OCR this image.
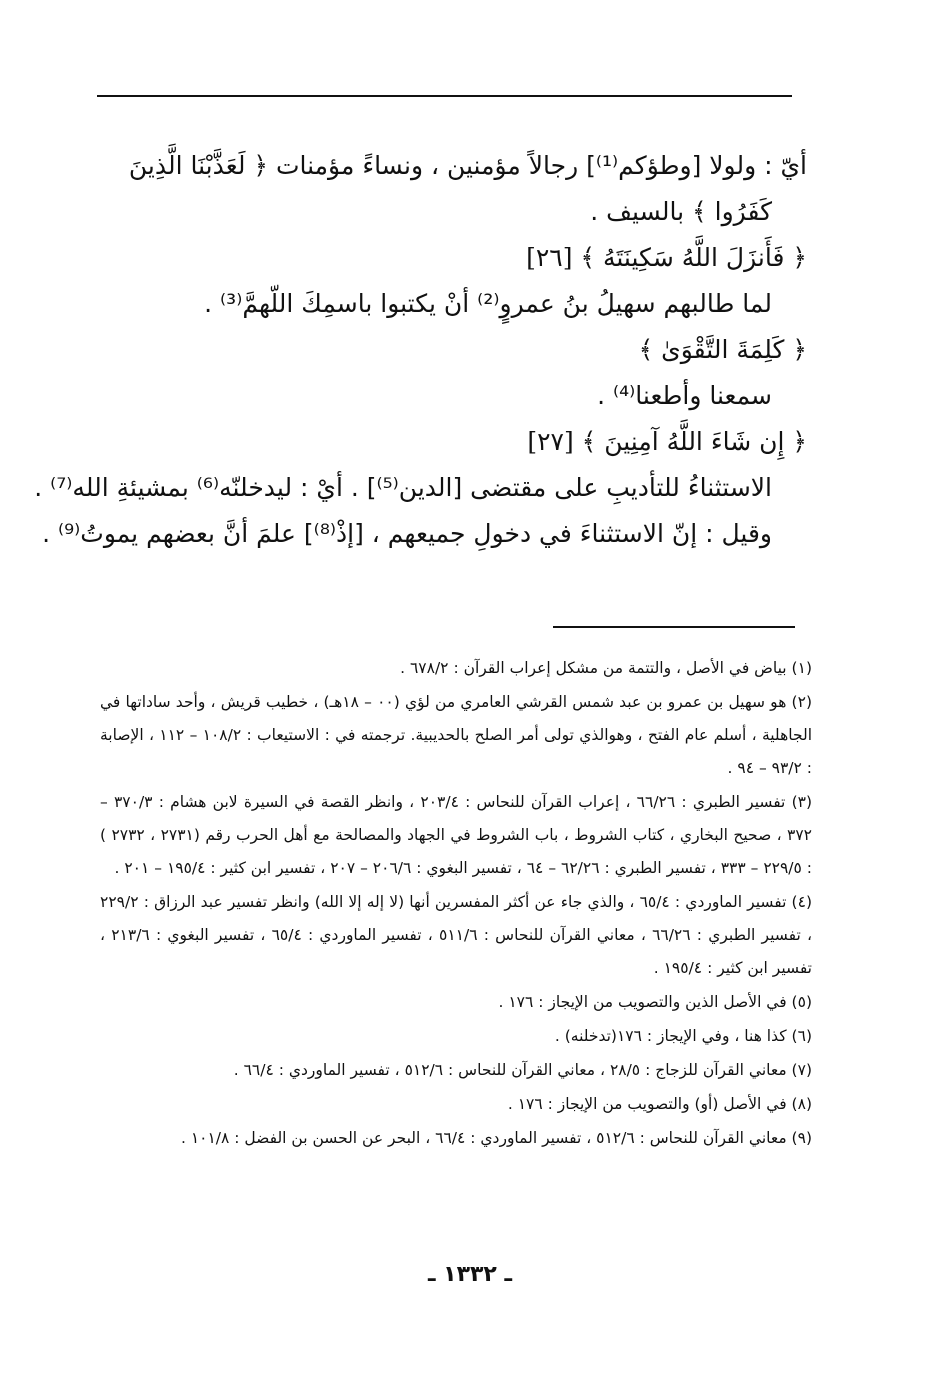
أيّ : ولولا [وطؤكم⁽¹⁾] رجالاً مؤمنين ، ونساءً مؤمنات ﴿ لَعَذَّبْنَا الَّذِينَ
كَفَرُوا ﴾ بالسيف .
﴿ فَأَنزَلَ اللَّهُ سَكِينَتَهُ ﴾ [٢٦]
لما طالبهم سهيلُ بنُ عمروٍ⁽²⁾ أنْ يكتبوا باسمِكَ اللّهمَّ⁽³⁾ .
﴿ كَلِمَةَ التَّقْوَىٰ ﴾
سمعنا وأطعنا⁽⁴⁾ .
﴿ إِن شَاءَ اللَّهُ آمِنِينَ ﴾ [٢٧]
الاستثناءُ للتأديبِ على مقتضى [الدين⁽⁵⁾] . أيْ : ليدخلنّه⁽⁶⁾ بمشيئةِ الله⁽⁷⁾ .
وقيل : إنّ الاستثناءَ في دخولِ جميعهم ، [إذْ⁽⁸⁾] علمَ أنَّ بعضهم يموتُ⁽⁹⁾ .
(١) بياض في الأصل ، والتتمة من مشكل إعراب القرآن : ٦٧٨/٢ .
(٢) هو سهيل بن عمرو بن عبد شمس القرشي العامري من لؤي (٠٠ – ١٨هـ) ، خطيب قريش ، وأحد ساداتها في الجاهلية ، أسلم عام الفتح ، وهوالذي تولى أمر الصلح بالحديبية. ترجمته في : الاستيعاب : ١٠٨/٢ – ١١٢ ، الإصابة : ٩٣/٢ – ٩٤ .
(٣) تفسير الطبري : ٦٦/٢٦ ، إعراب القرآن للنحاس : ٢٠٣/٤ ، وانظر القصة في السيرة لابن هشام : ٣٧٠/٣ – ٣٧٢ ، صحيح البخاري ، كتاب الشروط ، باب الشروط في الجهاد والمصالحة مع أهل الحرب رقم (٢٧٣١ ، ٢٧٣٢ ) : ٢٢٩/٥ – ٣٣٣ ، تفسير الطبري : ٦٢/٢٦ – ٦٤ ، تفسير البغوي : ٢٠٦/٦ – ٢٠٧ ، تفسير ابن كثير : ١٩٥/٤ – ٢٠١ .
(٤) تفسير الماوردي : ٦٥/٤ ، والذي جاء عن أكثر المفسرين أنها (لا إله إلا الله) وانظر تفسير عبد الرزاق : ٢٢٩/٢ ، تفسير الطبري : ٦٦/٢٦ ، معاني القرآن للنحاس : ٥١١/٦ ، تفسير الماوردي : ٦٥/٤ ، تفسير البغوي : ٢١٣/٦ ، تفسير ابن كثير : ١٩٥/٤ .
(٥) في الأصل الذين والتصويب من الإيجاز : ١٧٦ .
(٦) كذا هنا ، وفي الإيجاز : ١٧٦(تدخلنه) .
(٧) معاني القرآن للزجاج : ٢٨/٥ ، معاني القرآن للنحاس : ٥١٢/٦ ، تفسير الماوردي : ٦٦/٤ .
(٨) في الأصل (أو) والتصويب من الإيجاز : ١٧٦ .
(٩) معاني القرآن للنحاس : ٥١٢/٦ ، تفسير الماوردي : ٦٦/٤ ، البحر عن الحسن بن الفضل : ١٠١/٨ .
ـ ١٣٣٢ ـ
